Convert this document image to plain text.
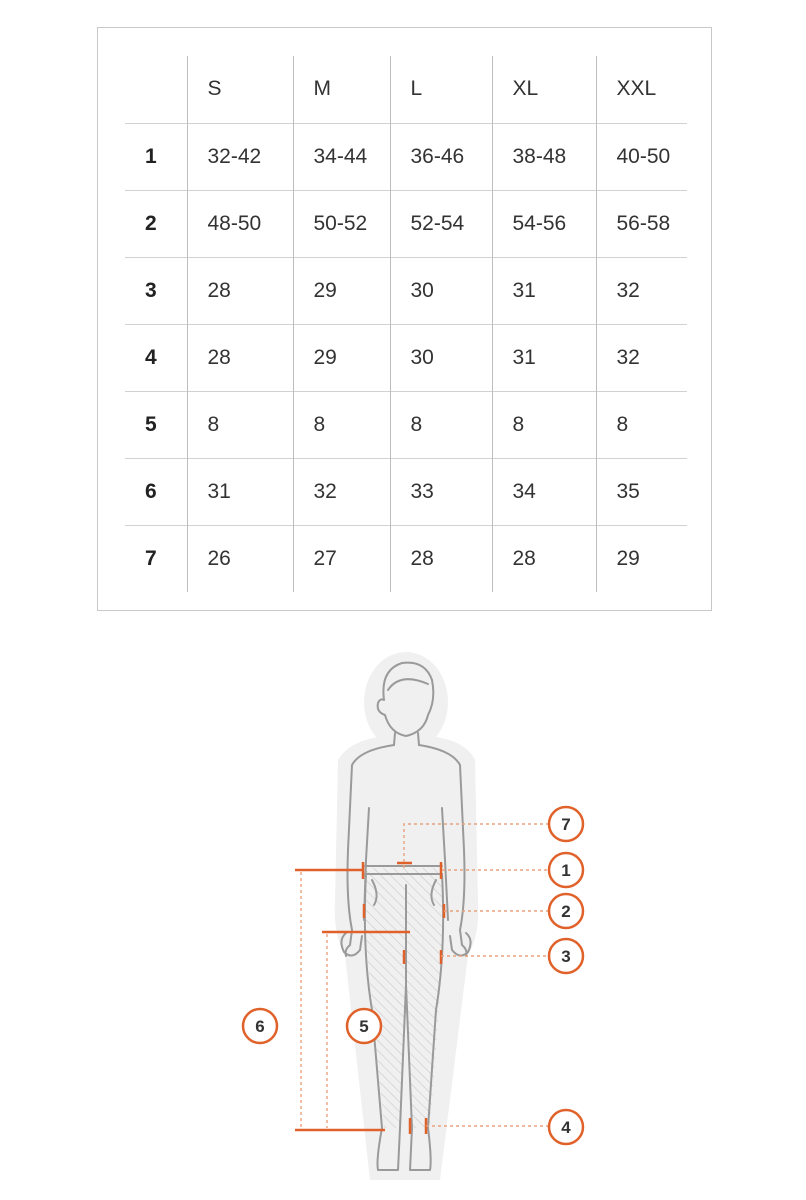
	S	M	L	XL	XXL
1	32-42	34-44	36-46	38-48	40-50
2	48-50	50-52	52-54	54-56	56-58
3	28	29	30	31	32
4	28	29	30	31	32
5	8	8	8	8	8
6	31	32	33	34	35
7	26	27	28	28	29
7
1
2
3
6	5
4
